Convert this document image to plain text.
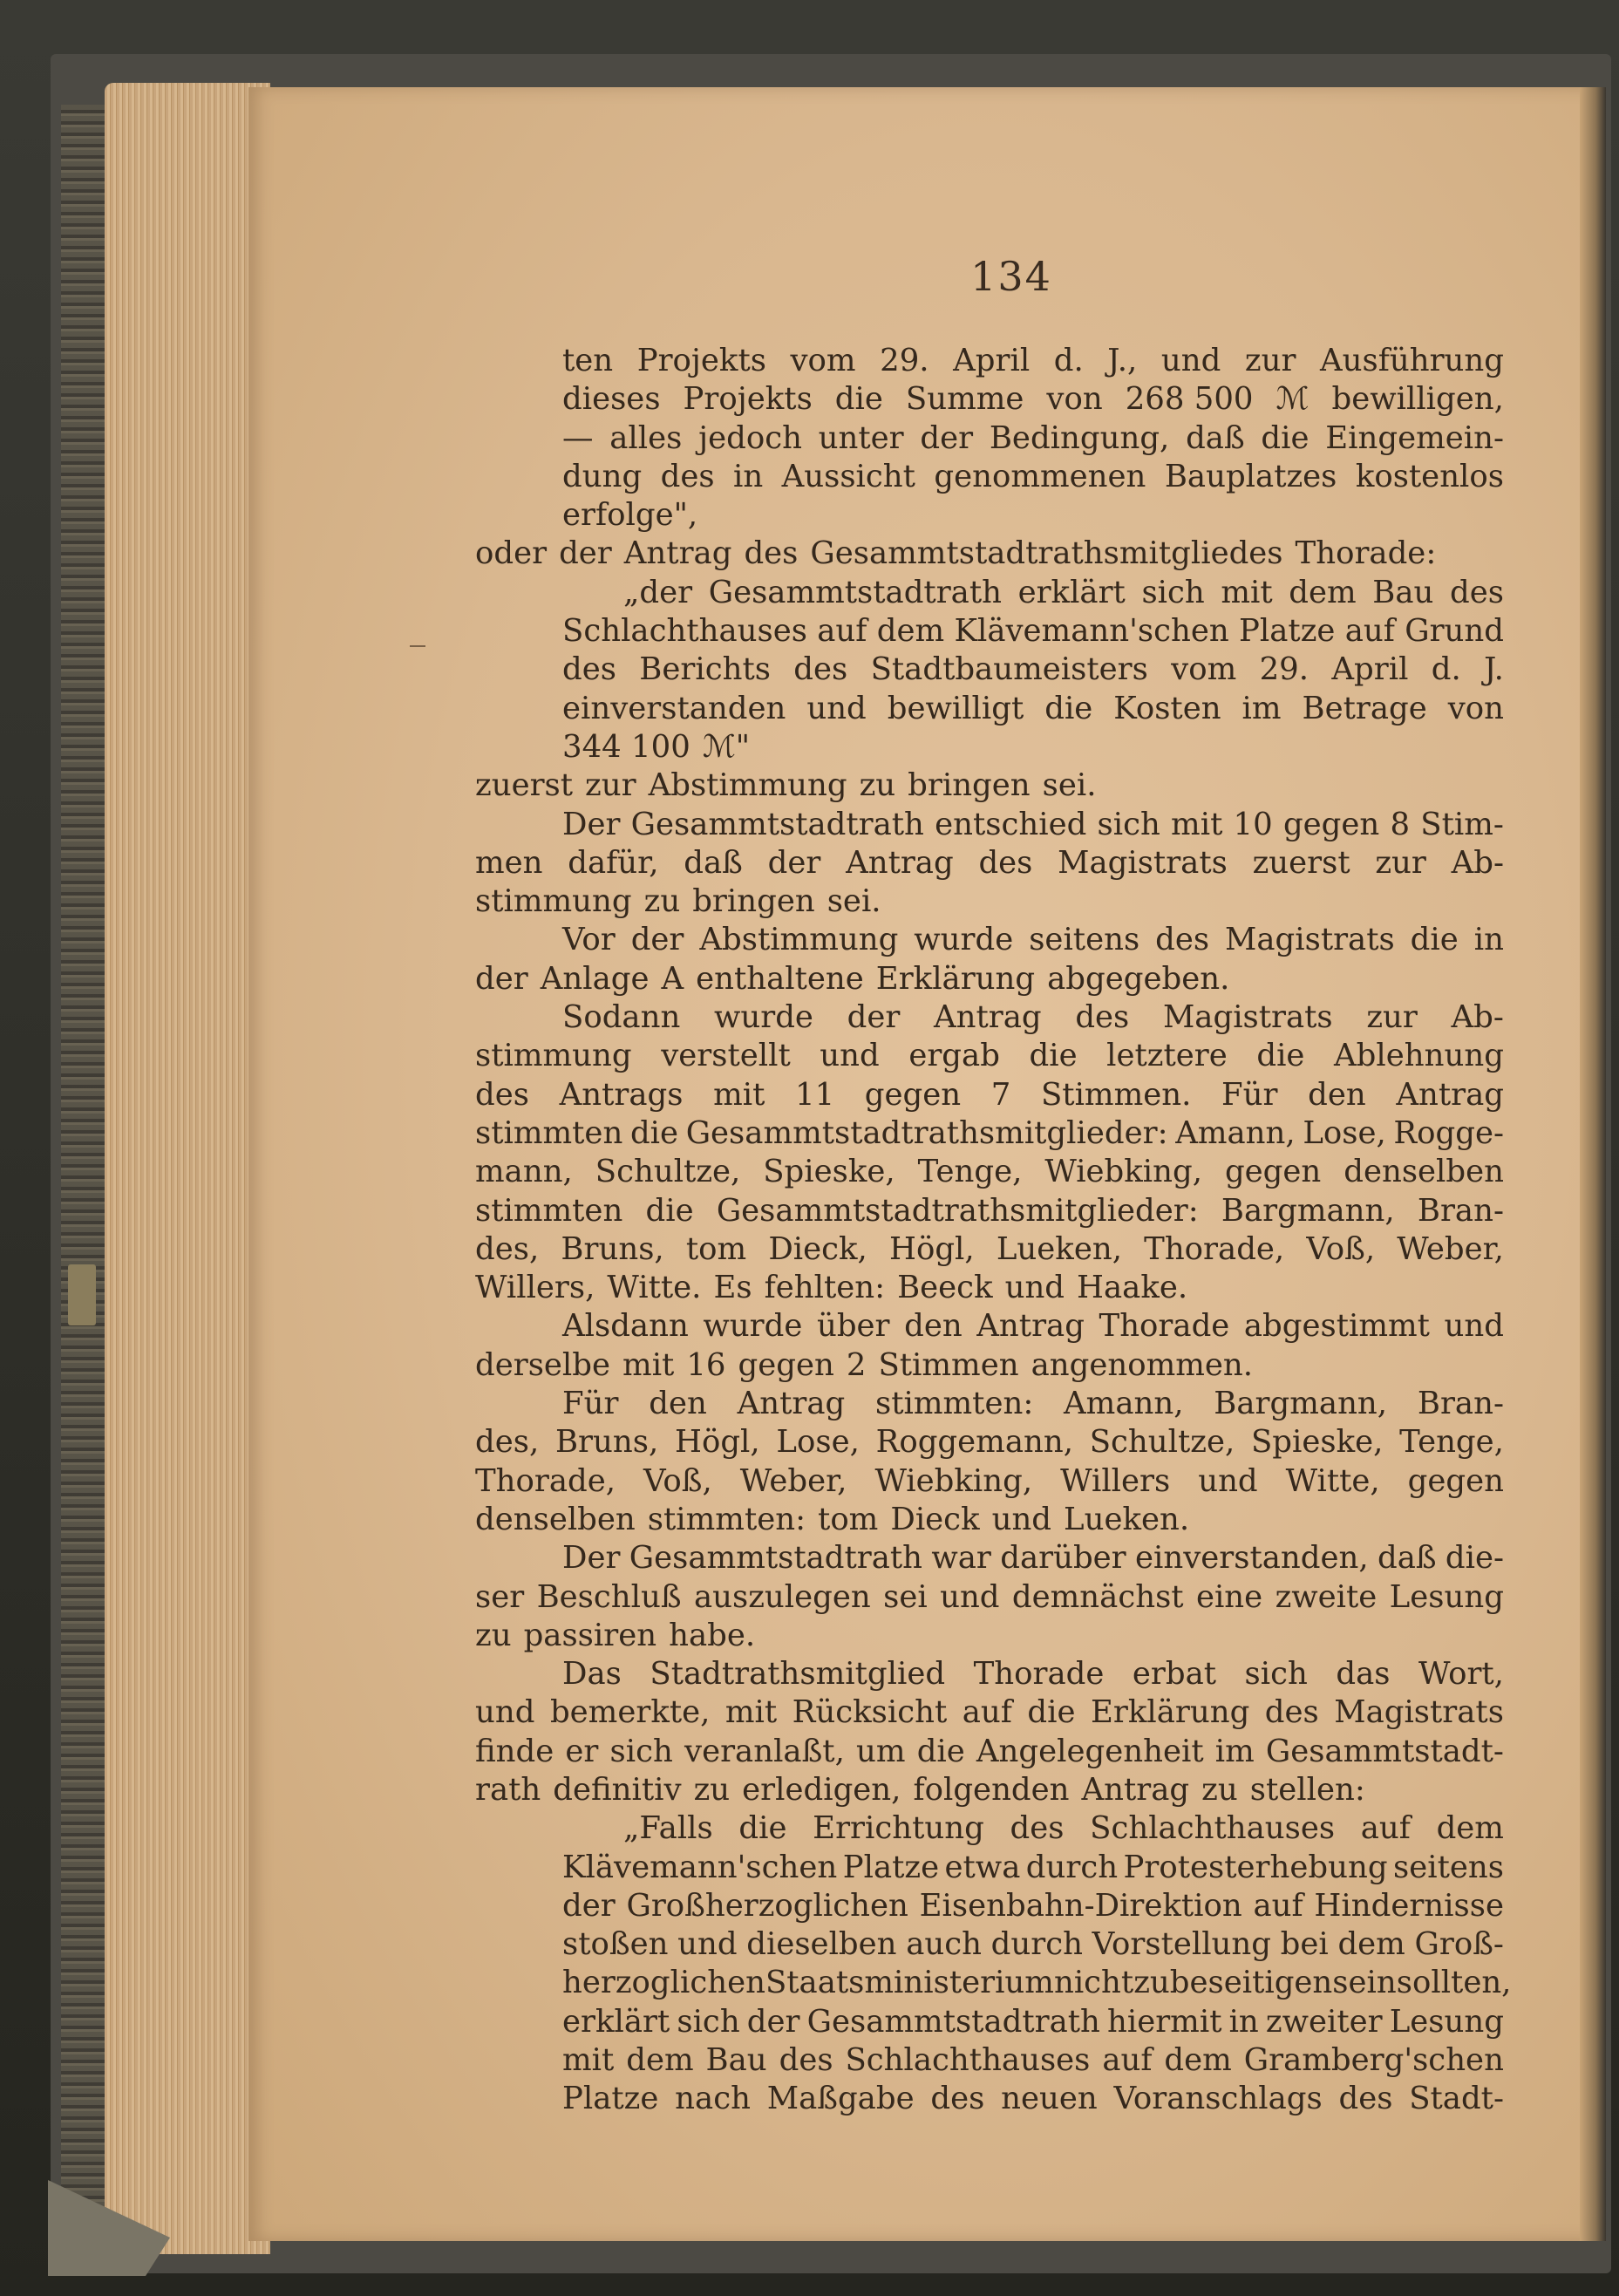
134
ten Projekts vom 29. April d. J., und zur Ausführung
dieses Projekts die Summe von 268 500 ℳ bewilligen,
— alles jedoch unter der Bedingung, daß die Eingemein-
dung des in Aussicht genommenen Bauplatzes kostenlos
erfolge",
oder der Antrag des Gesammtstadtrathsmitgliedes Thorade:
„der Gesammtstadtrath erklärt sich mit dem Bau des
Schlachthauses auf dem Klävemann'schen Platze auf Grund
des Berichts des Stadtbaumeisters vom 29. April d. J.
einverstanden und bewilligt die Kosten im Betrage von
344 100 ℳ"
zuerst zur Abstimmung zu bringen sei.
Der Gesammtstadtrath entschied sich mit 10 gegen 8 Stim-
men dafür, daß der Antrag des Magistrats zuerst zur Ab-
stimmung zu bringen sei.
Vor der Abstimmung wurde seitens des Magistrats die in
der Anlage A enthaltene Erklärung abgegeben.
Sodann wurde der Antrag des Magistrats zur Ab-
stimmung verstellt und ergab die letztere die Ablehnung
des Antrags mit 11 gegen 7 Stimmen. Für den Antrag
stimmten die Gesammtstadtrathsmitglieder: Amann, Lose, Rogge-
mann, Schultze, Spieske, Tenge, Wiebking, gegen denselben
stimmten die Gesammtstadtrathsmitglieder: Bargmann, Bran-
des, Bruns, tom Dieck, Högl, Lueken, Thorade, Voß, Weber,
Willers, Witte. Es fehlten: Beeck und Haake.
Alsdann wurde über den Antrag Thorade abgestimmt und
derselbe mit 16 gegen 2 Stimmen angenommen.
Für den Antrag stimmten: Amann, Bargmann, Bran-
des, Bruns, Högl, Lose, Roggemann, Schultze, Spieske, Tenge,
Thorade, Voß, Weber, Wiebking, Willers und Witte, gegen
denselben stimmten: tom Dieck und Lueken.
Der Gesammtstadtrath war darüber einverstanden, daß die-
ser Beschluß auszulegen sei und demnächst eine zweite Lesung
zu passiren habe.
Das Stadtrathsmitglied Thorade erbat sich das Wort,
und bemerkte, mit Rücksicht auf die Erklärung des Magistrats
finde er sich veranlaßt, um die Angelegenheit im Gesammtstadt-
rath definitiv zu erledigen, folgenden Antrag zu stellen:
„Falls die Errichtung des Schlachthauses auf dem
Klävemann'schen Platze etwa durch Protesterhebung seitens
der Großherzoglichen Eisenbahn-Direktion auf Hindernisse
stoßen und dieselben auch durch Vorstellung bei dem Groß-
herzoglichen Staatsministerium nicht zu beseitigen sein sollten,
erklärt sich der Gesammtstadtrath hiermit in zweiter Lesung
mit dem Bau des Schlachthauses auf dem Gramberg'schen
Platze nach Maßgabe des neuen Voranschlags des Stadt-
